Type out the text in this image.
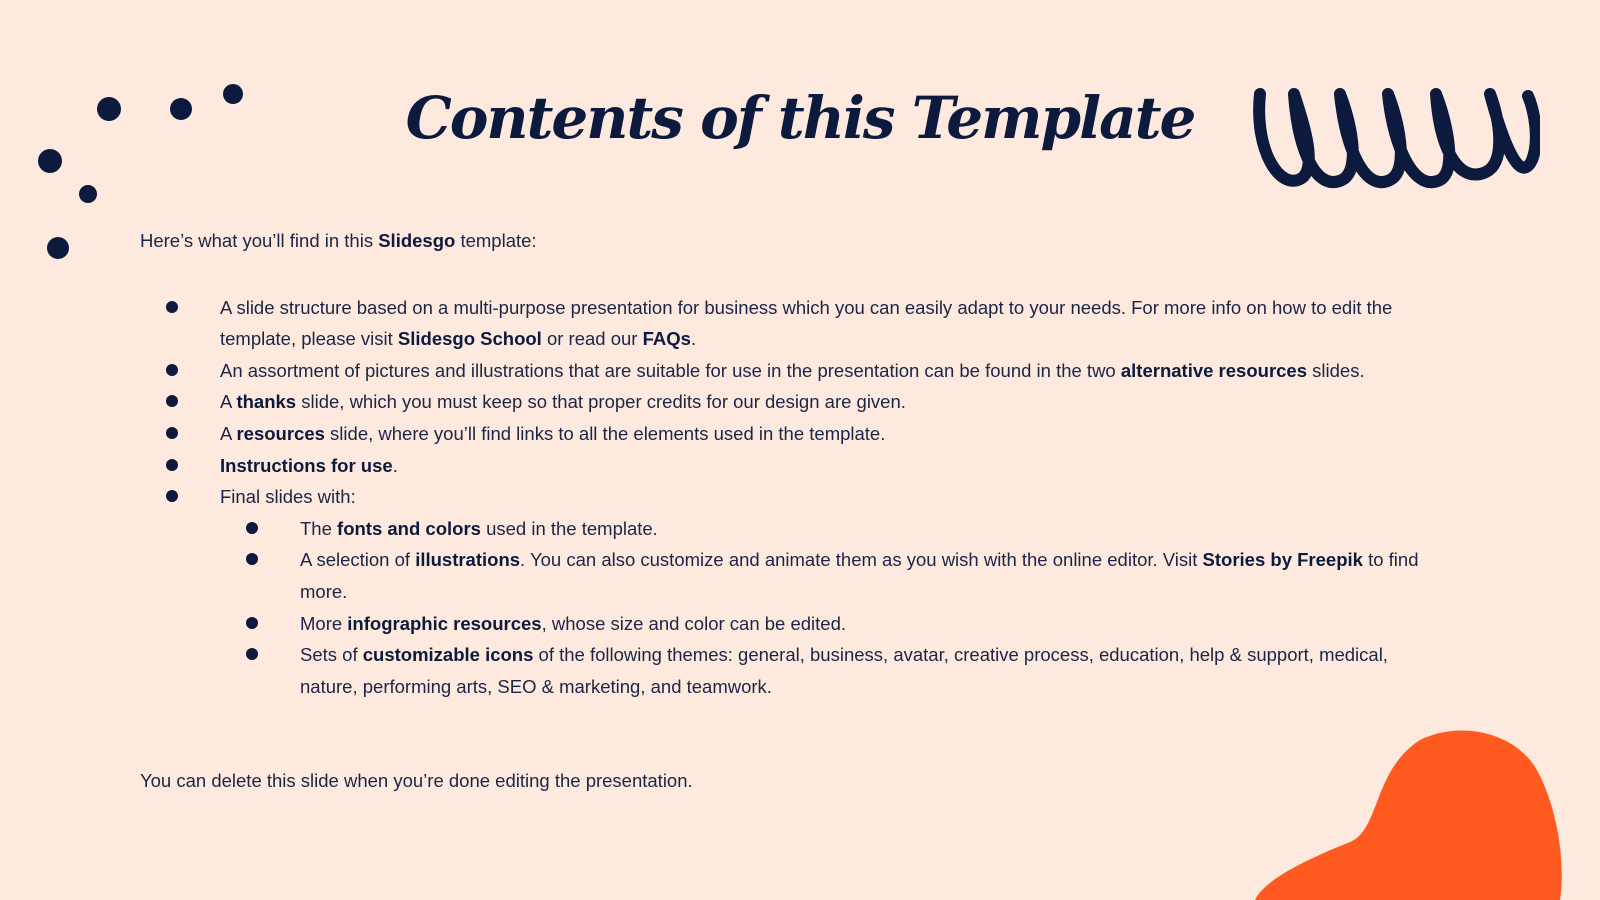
Contents of this Template

Here’s what you’ll find in this Slidesgo template:

A slide structure based on a multi-purpose presentation for business which you can easily adapt to your needs. For more info on how to edit the template, please visit Slidesgo School or read our FAQs.
An assortment of pictures and illustrations that are suitable for use in the presentation can be found in the two alternative resources slides.
A thanks slide, which you must keep so that proper credits for our design are given.
A resources slide, where you’ll find links to all the elements used in the template.
Instructions for use.
Final slides with:
The fonts and colors used in the template.
A selection of illustrations. You can also customize and animate them as you wish with the online editor. Visit Stories by Freepik to find more.
More infographic resources, whose size and color can be edited.
Sets of customizable icons of the following themes: general, business, avatar, creative process, education, help & support, medical, nature, performing arts, SEO & marketing, and teamwork.

You can delete this slide when you’re done editing the presentation.
